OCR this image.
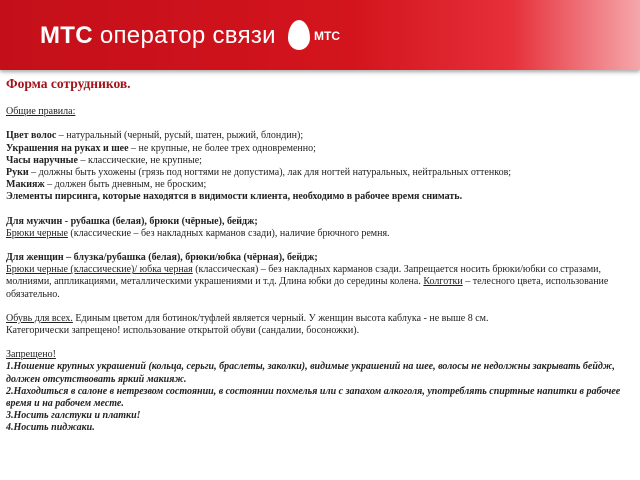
МТС оператор связи	МТС
Форма сотрудников.
Общие правила:
Цвет волос – натуральный (черный, русый, шатен, рыжий, блондин);
Украшения на руках и шее – не крупные, не более трех одновременно;
Часы наручные – классические, не крупные;
Руки – должны быть ухожены (грязь под ногтями не допустима), лак для ногтей натуральных, нейтральных оттенков;
Макияж – должен быть дневным, не броским;
Элементы пирсинга, которые находятся в видимости клиента, необходимо в рабочее время снимать.
Для мужчин - рубашка (белая), брюки (чёрные), бейдж;
Брюки черные (классические – без накладных карманов сзади), наличие брючного ремня.
Для женщин – блузка/рубашка (белая), брюки/юбка (чёрная), бейдж;
Брюки черные (классические)/ юбка черная (классическая) – без накладных карманов сзади. Запрещается носить брюки/юбки со стразами, молниями, аппликациями, металлическими украшениями и т.д. Длина юбки до середины колена. Колготки – телесного цвета, использование обязательно.
Обувь для всех. Единым цветом для ботинок/туфлей является черный. У женщин высота каблука - не выше 8 см.
Категорически запрещено! использование открытой обуви (сандалии, босоножки).
Запрещено!
1.Ношение крупных украшений (кольца, серьги, браслеты, заколки), видимые украшений на шее, волосы не недолжны закрывать бейдж, должен отсутствовать яркий макияж.
2.Находиться в салоне в нетрезвом состоянии, в состоянии похмелья или с запахом алкоголя, употреблять спиртные напитки в рабочее время и на рабочем месте.
3.Носить галстуки и платки!
4.Носить пиджаки.
